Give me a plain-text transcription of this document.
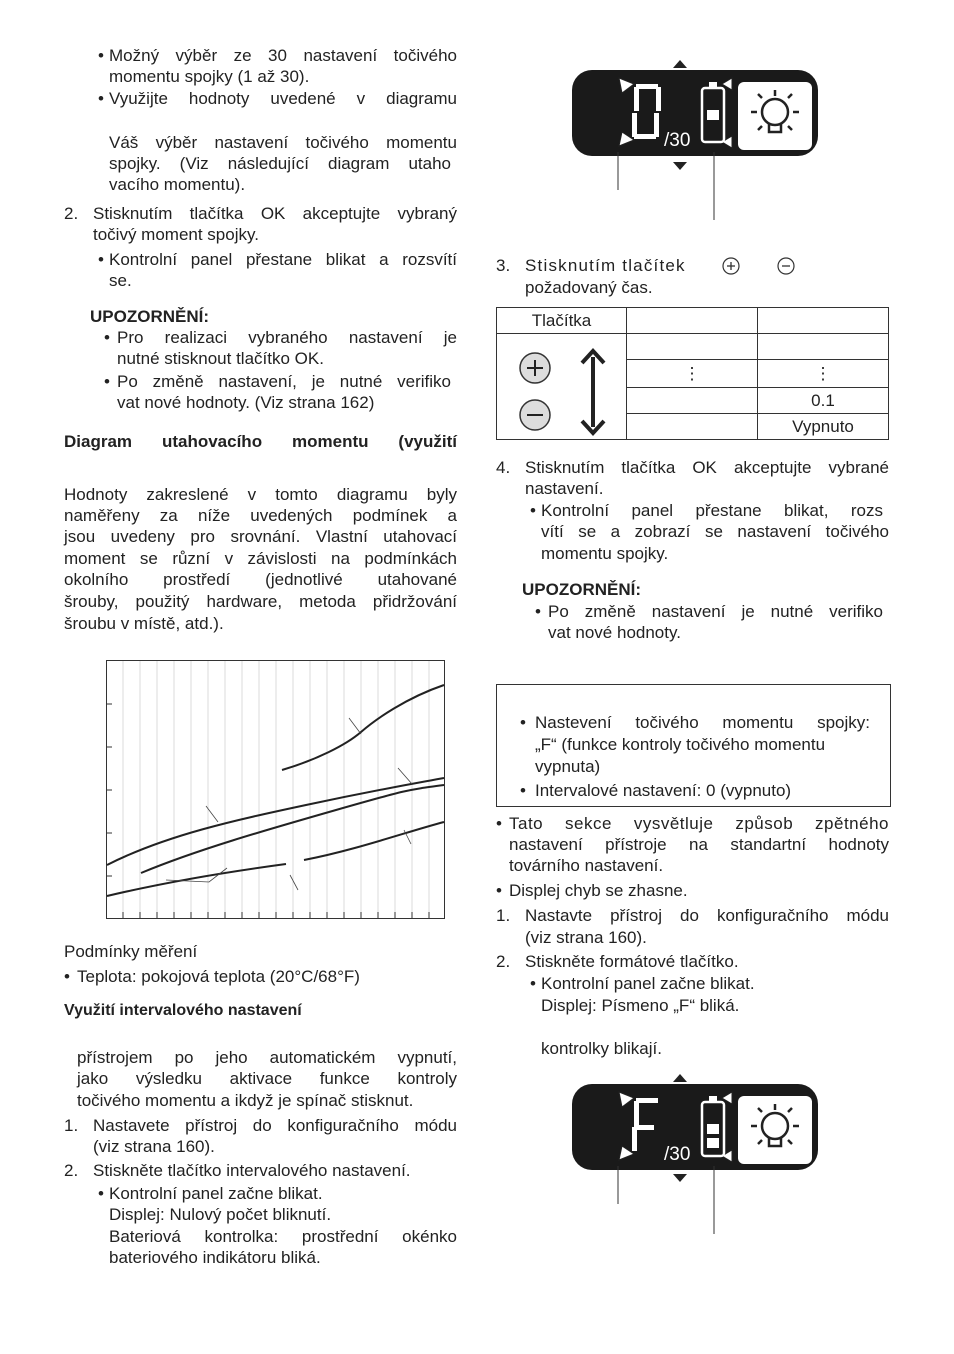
• Možný výběr ze 30 nastavení točivého
momentu spojky (1 až 30).
• Využijte hodnoty uvedené v diagramu
Váš výběr nastavení točivého momentu
spojky. (Viz následující diagram utaho
vacího momentu).
2. Stisknutím tlačítka OK akceptujte vybraný
točivý moment spojky.
• Kontrolní panel přestane blikat a rozsvítí
se.
UPOZORNĚNÍ:
• Pro realizaci vybraného nastavení je
nutné stisknout tlačítko OK.
• Po změně nastavení, je nutné verifiko
vat nové hodnoty. (Viz strana 162)
Diagram utahovacího momentu (využití
Hodnoty zakreslené v tomto diagramu byly
naměřeny za níže uvedených podmínek a
jsou uvedeny pro srovnání. Vlastní utahovací
moment se různí v závislosti na podmínkách
okolního prostředí (jednotlivé utahované
šrouby, použitý hardware, metoda přidržování
šroubu v místě, atd.).
Podmínky měření
• Teplota: pokojová teplota (20°C/68°F)
Využití intervalového nastavení
přístrojem po jeho automatickém vypnutí,
jako výsledku aktivace funkce kontroly
točivého momentu a ikdyž je spínač stisknut.
1. Nastavete přístroj do konfiguračního módu
(viz strana 160).
2. Stiskněte tlačítko intervalového nastavení.
• Kontrolní panel začne blikat.
Displej: Nulový počet bliknutí.
Bateriová kontrolka: prostřední okénko
bateriového indikátoru bliká.
/30
3. Stisknutím tlačítek
požadovaný čas.
Tlačítka		

	⋮	⋮
		0.1
		Vypnuto
4. Stisknutím tlačítka OK akceptujte vybrané
nastavení.
• Kontrolní panel přestane blikat, rozs
vítí se a zobrazí se nastavení točivého
momentu spojky.
UPOZORNĚNÍ:
• Po změně nastavení je nutné verifiko
vat nové hodnoty.
• Nastevení točivého momentu spojky:
„F“ (funkce kontroly točivého momentu
vypnuta)
• Intervalové nastavení: 0 (vypnuto)
• Tato sekce vysvětluje způsob zpětného
nastavení přístroje na standartní hodnoty
továrního nastavení.
• Displej chyb se zhasne.
1. Nastavte přístroj do konfiguračního módu
(viz strana 160).
2. Stiskněte formátové tlačítko.
• Kontrolní panel začne blikat.
Displej: Písmeno „F“ bliká.
kontrolky blikají.
/30
